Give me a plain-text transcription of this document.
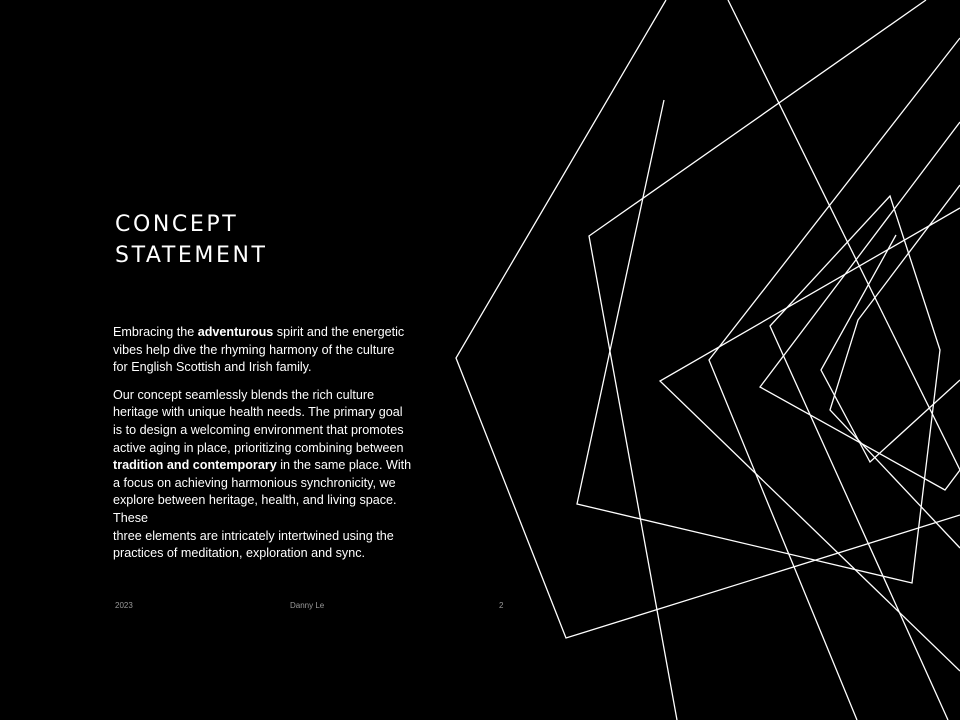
CONCEPT
STATEMENT

Embracing the adventurous spirit and the energetic

vibes help dive the rhyming harmony of the culture

for English Scottish and Irish family.

Our concept seamlessly blends the rich culture

heritage with unique health needs. The primary goal

is to design a welcoming environment that promotes

active aging in place, prioritizing combining between

tradition and contemporary in the same place. With

a focus on achieving harmonious synchronicity, we

explore between heritage, health, and living space.

These

three elements are intricately intertwined using the

practices of meditation, exploration and sync.

2023	Danny Le	2
